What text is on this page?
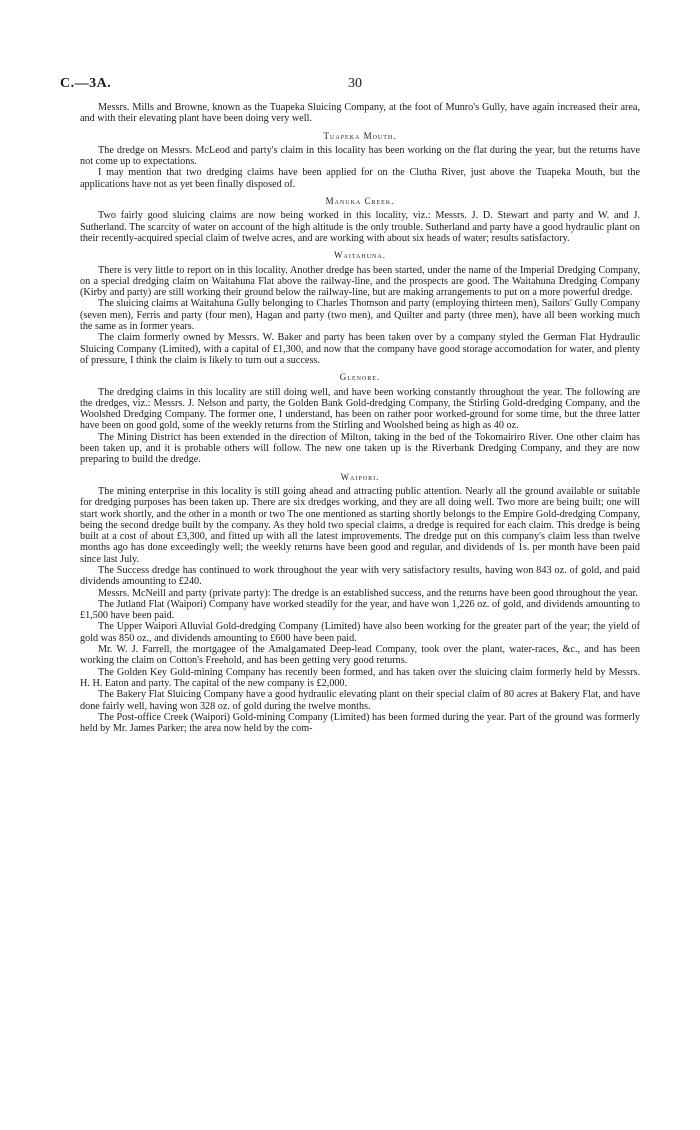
C.—3A.	30

Messrs. Mills and Browne, known as the Tuapeka Sluicing Company, at the foot of Munro's Gully, have again increased their area, and with their elevating plant have been doing very well.

Tuapeka Mouth.

The dredge on Messrs. McLeod and party's claim in this locality has been working on the flat during the year, but the returns have not come up to expectations.

I may mention that two dredging claims have been applied for on the Clutha River, just above the Tuapeka Mouth, but the applications have not as yet been finally disposed of.

Manuka Creek.

Two fairly good sluicing claims are now being worked in this locality, viz.: Messrs. J. D. Stewart and party and W. and J. Sutherland. The scarcity of water on account of the high altitude is the only trouble. Sutherland and party have a good hydraulic plant on their recently-acquired special claim of twelve acres, and are working with about six heads of water; results satisfactory.

Waitahuna.

There is very little to report on in this locality. Another dredge has been started, under the name of the Imperial Dredging Company, on a special dredging claim on Waitahuna Flat above the railway-line, and the prospects are good. The Waitahuna Dredging Company (Kirby and party) are still working their ground below the railway-line, but are making arrangements to put on a more powerful dredge.

The sluicing claims at Waitahuna Gully belonging to Charles Thomson and party (employing thirteen men), Sailors' Gully Company (seven men), Ferris and party (four men), Hagan and party (two men), and Quilter and party (three men), have all been working much the same as in former years.

The claim formerly owned by Messrs. W. Baker and party has been taken over by a company styled the German Flat Hydraulic Sluicing Company (Limited), with a capital of £1,300, and now that the company have good storage accomodation for water, and plenty of pressure, I think the claim is likely to turn out a success.

Glenore.

The dredging claims in this locality are still doing well, and have been working constantly throughout the year. The following are the dredges, viz.: Messrs. J. Nelson and party, the Golden Bank Gold-dredging Company, the Stirling Gold-dredging Company, and the Woolshed Dredging Company. The former one, I understand, has been on rather poor worked-ground for some time, but the three latter have been on good gold, some of the weekly returns from the Stirling and Woolshed being as high as 40 oz.

The Mining District has been extended in the direction of Milton, taking in the bed of the Tokomairiro River. One other claim has been taken up, and it is probable others will follow. The new one taken up is the Riverbank Dredging Company, and they are now preparing to build the dredge.

Waipori.

The mining enterprise in this locality is still going ahead and attracting public attention. Nearly all the ground available or suitable for dredging purposes has been taken up. There are six dredges working, and they are all doing well. Two more are being built; one will start work shortly, and the other in a month or two The one mentioned as starting shortly belongs to the Empire Gold-dredging Company, being the second dredge built by the company. As they hold two special claims, a dredge is required for each claim. This dredge is being built at a cost of about £3,300, and fitted up with all the latest improvements. The dredge put on this company's claim less than twelve months ago has done exceedingly well; the weekly returns have been good and regular, and dividends of 1s. per month have been paid since last July.

The Success dredge has continued to work throughout the year with very satisfactory results, having won 843 oz. of gold, and paid dividends amounting to £240.

Messrs. McNeill and party (private party): The dredge is an established success, and the returns have been good throughout the year.

The Jutland Flat (Waipori) Company have worked steadily for the year, and have won 1,226 oz. of gold, and dividends amounting to £1,500 have been paid.

The Upper Waipori Alluvial Gold-dredging Company (Limited) have also been working for the greater part of the year; the yield of gold was 850 oz., and dividends amounting to £600 have been paid.

Mr. W. J. Farrell, the mortgagee of the Amalgamated Deep-lead Company, took over the plant, water-races, &c., and has been working the claim on Cotton's Freehold, and has been getting very good returns.

The Golden Key Gold-mining Company has recently been formed, and has taken over the sluicing claim formerly held by Messrs. H. H. Eaton and party. The capital of the new company is £2,000.

The Bakery Flat Sluicing Company have a good hydraulic elevating plant on their special claim of 80 acres at Bakery Flat, and have done fairly well, having won 328 oz. of gold during the twelve months.

The Post-office Creek (Waipori) Gold-mining Company (Limited) has been formed during the year. Part of the ground was formerly held by Mr. James Parker; the area now held by the com-
